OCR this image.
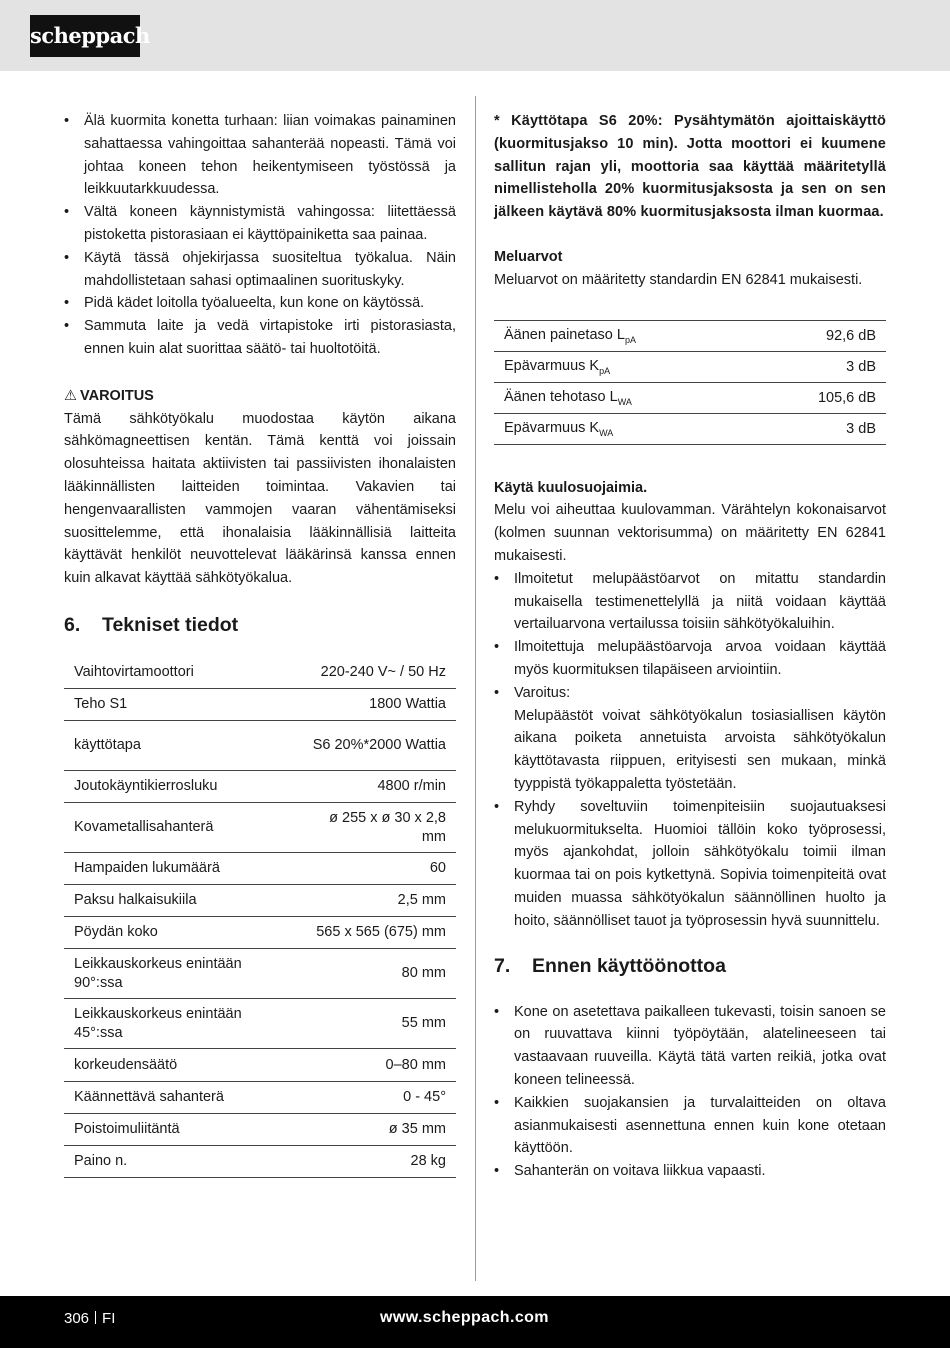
scheppach
• Älä kuormita konetta turhaan: liian voimakas painaminen sahattaessa vahingoittaa sahanterää nopeasti. Tämä voi johtaa koneen tehon heikentymiseen työstössä ja leikkuutarkkuudessa.
• Vältä koneen käynnistymistä vahingossa: liitettäessä pistoketta pistorasiaan ei käyttöpainiketta saa painaa.
• Käytä tässä ohjekirjassa suositeltua työkalua. Näin mahdollistetaan sahasi optimaalinen suorituskyky.
• Pidä kädet loitolla työalueelta, kun kone on käytössä.
• Sammuta laite ja vedä virtapistoke irti pistorasiasta, ennen kuin alat suorittaa säätö- tai huoltotöitä.
⚠ VAROITUS

Tämä sähkötyökalu muodostaa käytön aikana sähkömagneettisen kentän. Tämä kenttä voi joissain olosuhteissa haitata aktiivisten tai passiivisten ihonalaisten lääkinnällisten laitteiden toimintaa. Vakavien tai hengenvaarallisten vammojen vaaran vähentämiseksi suosittelemme, että ihonalaisia lääkinnällisiä laitteita käyttävät henkilöt neuvottelevat lääkärinsä kanssa ennen kuin alkavat käyttää sähkötyökalua.

6. Tekniset tiedot
Vaihtovirtamoottori	220-240 V~ / 50 Hz
Teho S1	1800 Wattia
käyttötapa	S6 20%*2000 Wattia
Joutokäyntikierrosluku	4800 r/min
Kovametallisahanterä	ø 255 x ø 30 x 2,8 mm
Hampaiden lukumäärä	60
Paksu halkaisukiila	2,5 mm
Pöydän koko	565 x 565 (675) mm
Leikkauskorkeus enintään 90°:ssa	80 mm
Leikkauskorkeus enintään 45°:ssa	55 mm
korkeudensäätö	0–80 mm
Käännettävä sahanterä	0 - 45°
Poistoimuliitäntä	ø 35 mm
Paino n.	28 kg

* Käyttötapa S6 20%: Pysähtymätön ajoittaiskäyttö (kuormitusjakso 10 min). Jotta moottori ei kuumene sallitun rajan yli, moottoria saa käyttää määritetyllä nimellisteholla 20% kuormitusjaksosta ja sen on sen jälkeen käytävä 80% kuormitusjaksosta ilman kuormaa.

Meluarvot

Meluarvot on määritetty standardin EN 62841 mukaisesti.

Äänen painetaso $L_{pA}$	92,6 dB
Epävarmuus $K_{pA}$	3 dB
Äänen tehotaso $L_{WA}$	105,6 dB
Epävarmuus $K_{WA}$	3 dB

Käytä kuulosuojaimia.

Melu voi aiheuttaa kuulovamman. Värähtelyn kokonaisarvot (kolmen suunnan vektorisumma) on määritetty EN 62841 mukaisesti.

• Ilmoitetut melupäästöarvot on mitattu standardin mukaisella testimenettelyllä ja niitä voidaan käyttää vertailuarvona vertailussa toisiin sähkötyökaluihin.
• Ilmoitettuja melupäästöarvoja arvoa voidaan käyttää myös kuormituksen tilapäiseen arviointiin.
• Varoitus:
Melupäästöt voivat sähkötyökalun tosiasiallisen käytön aikana poiketa annetuista arvoista sähkötyökalun käyttötavasta riippuen, erityisesti sen mukaan, minkä tyyppistä työkappaletta työstetään.
• Ryhdy soveltuviin toimenpiteisiin suojautuaksesi melukuormitukselta. Huomioi tällöin koko työprosessi, myös ajankohdat, jolloin sähkötyökalu toimii ilman kuormaa tai on pois kytkettynä. Sopivia toimenpiteitä ovat muiden muassa sähkötyökalun säännöllinen huolto ja hoito, säännölliset tauot ja työprosessin hyvä suunnittelu.
7. Ennen käyttöönottoa
• Kone on asetettava paikalleen tukevasti, toisin sanoen se on ruuvattava kiinni työpöytään, alatelineeseen tai vastaavaan ruuveilla. Käytä tätä varten reikiä, jotka ovat koneen telineessä.
• Kaikkien suojakansien ja turvalaitteiden on oltava asianmukaisesti asennettuna ennen kuin kone otetaan käyttöön.
• Sahanterän on voitava liikkua vapaasti.
306 FI	www.scheppach.com
